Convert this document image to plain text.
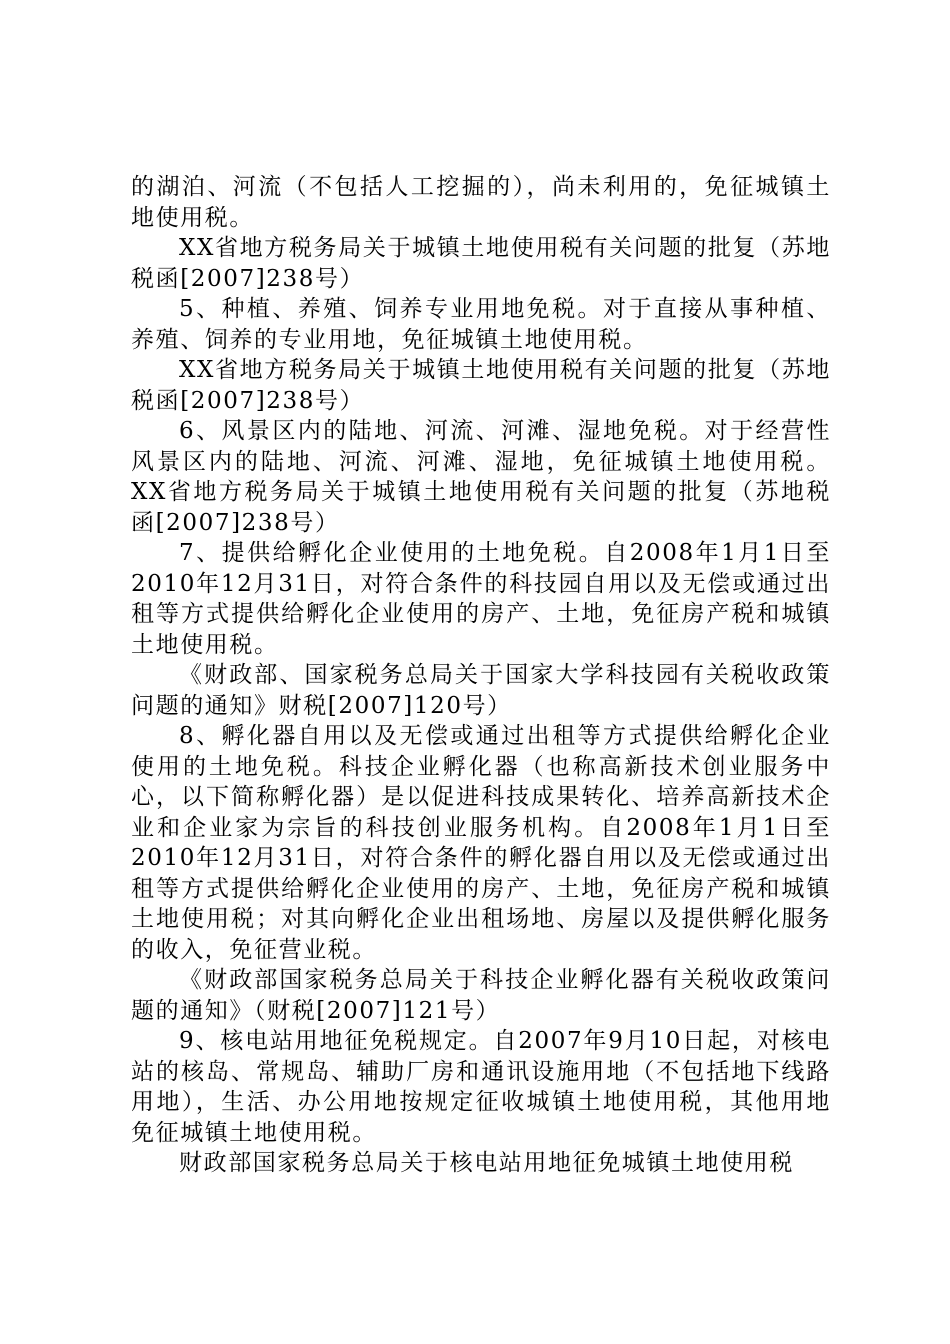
的湖泊、河流（不包括人工挖掘的），尚未利用的，免征城镇土地使用税。

XX省地方税务局关于城镇土地使用税有关问题的批复（苏地税函[2007]238号）

5、种植、养殖、饲养专业用地免税。对于直接从事种植、养殖、饲养的专业用地，免征城镇土地使用税。

XX省地方税务局关于城镇土地使用税有关问题的批复（苏地税函[2007]238号）

6、风景区内的陆地、河流、河滩、湿地免税。对于经营性风景区内的陆地、河流、河滩、湿地，免征城镇土地使用税。XX省地方税务局关于城镇土地使用税有关问题的批复（苏地税函[2007]238号）

7、提供给孵化企业使用的土地免税。自2008年1月1日至2010年12月31日，对符合条件的科技园自用以及无偿或通过出租等方式提供给孵化企业使用的房产、土地，免征房产税和城镇土地使用税。

《财政部、国家税务总局关于国家大学科技园有关税收政策问题的通知》财税[2007]120号）

8、孵化器自用以及无偿或通过出租等方式提供给孵化企业使用的土地免税。科技企业孵化器（也称高新技术创业服务中心，以下简称孵化器）是以促进科技成果转化、培养高新技术企业和企业家为宗旨的科技创业服务机构。自2008年1月1日至2010年12月31日，对符合条件的孵化器自用以及无偿或通过出租等方式提供给孵化企业使用的房产、土地，免征房产税和城镇土地使用税；对其向孵化企业出租场地、房屋以及提供孵化服务的收入，免征营业税。

《财政部国家税务总局关于科技企业孵化器有关税收政策问题的通知》（财税[2007]121号）

9、核电站用地征免税规定。自2007年9月10日起，对核电站的核岛、常规岛、辅助厂房和通讯设施用地（不包括地下线路用地），生活、办公用地按规定征收城镇土地使用税，其他用地免征城镇土地使用税。

财政部国家税务总局关于核电站用地征免城镇土地使用税
